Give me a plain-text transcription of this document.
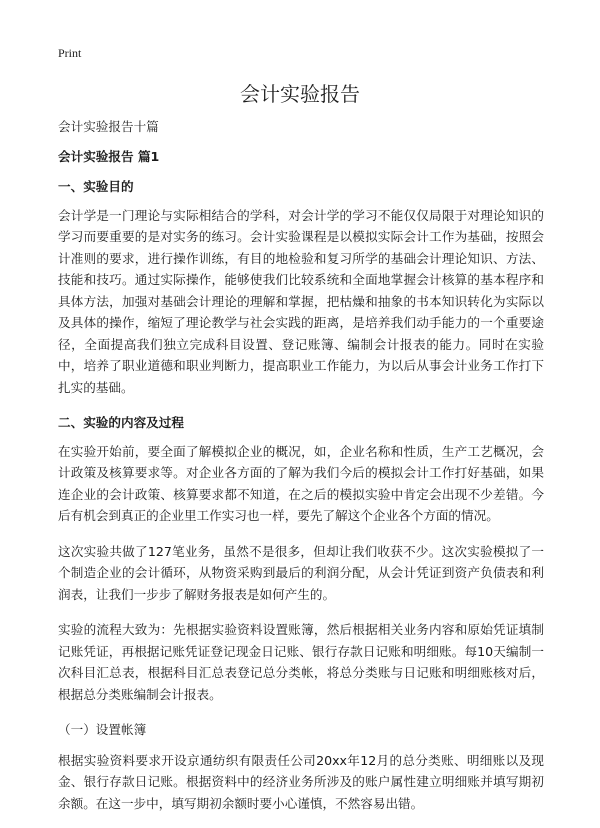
Print
会计实验报告

会计实验报告十篇

会计实验报告 篇1

一、实验目的

会计学是一门理论与实际相结合的学科，对会计学的学习不能仅仅局限于对理论知识的学习而要重要的是对实务的练习。会计实验课程是以模拟实际会计工作为基础，按照会计准则的要求，进行操作训练，有目的地检验和复习所学的基础会计理论知识、方法、技能和技巧。通过实际操作，能够使我们比较系统和全面地掌握会计核算的基本程序和具体方法，加强对基础会计理论的理解和掌握，把枯燥和抽象的书本知识转化为实际以及具体的操作，缩短了理论教学与社会实践的距离，是培养我们动手能力的一个重要途径，全面提高我们独立完成科目设置、登记账簿、编制会计报表的能力。同时在实验中，培养了职业道德和职业判断力，提高职业工作能力，为以后从事会计业务工作打下扎实的基础。

二、实验的内容及过程

在实验开始前，要全面了解模拟企业的概况，如，企业名称和性质，生产工艺概况，会计政策及核算要求等。对企业各方面的了解为我们今后的模拟会计工作打好基础，如果连企业的会计政策、核算要求都不知道，在之后的模拟实验中肯定会出现不少差错。今后有机会到真正的企业里工作实习也一样，要先了解这个企业各个方面的情况。

这次实验共做了127笔业务，虽然不是很多，但却让我们收获不少。这次实验模拟了一个制造企业的会计循环，从物资采购到最后的利润分配，从会计凭证到资产负债表和利润表，让我们一步步了解财务报表是如何产生的。

实验的流程大致为：先根据实验资料设置账簿，然后根据相关业务内容和原始凭证填制记账凭证，再根据记账凭证登记现金日记账、银行存款日记账和明细账。每10天编制一次科目汇总表，根据科目汇总表登记总分类帐，将总分类账与日记账和明细账核对后，根据总分类账编制会计报表。

（一）设置帐簿

根据实验资料要求开设京通纺织有限责任公司20xx年12月的总分类账、明细账以及现金、银行存款日记账。根据资料中的经济业务所涉及的账户属性建立明细账并填写期初余额。在这一步中，填写期初余额时要小心谨慎，不然容易出错。
